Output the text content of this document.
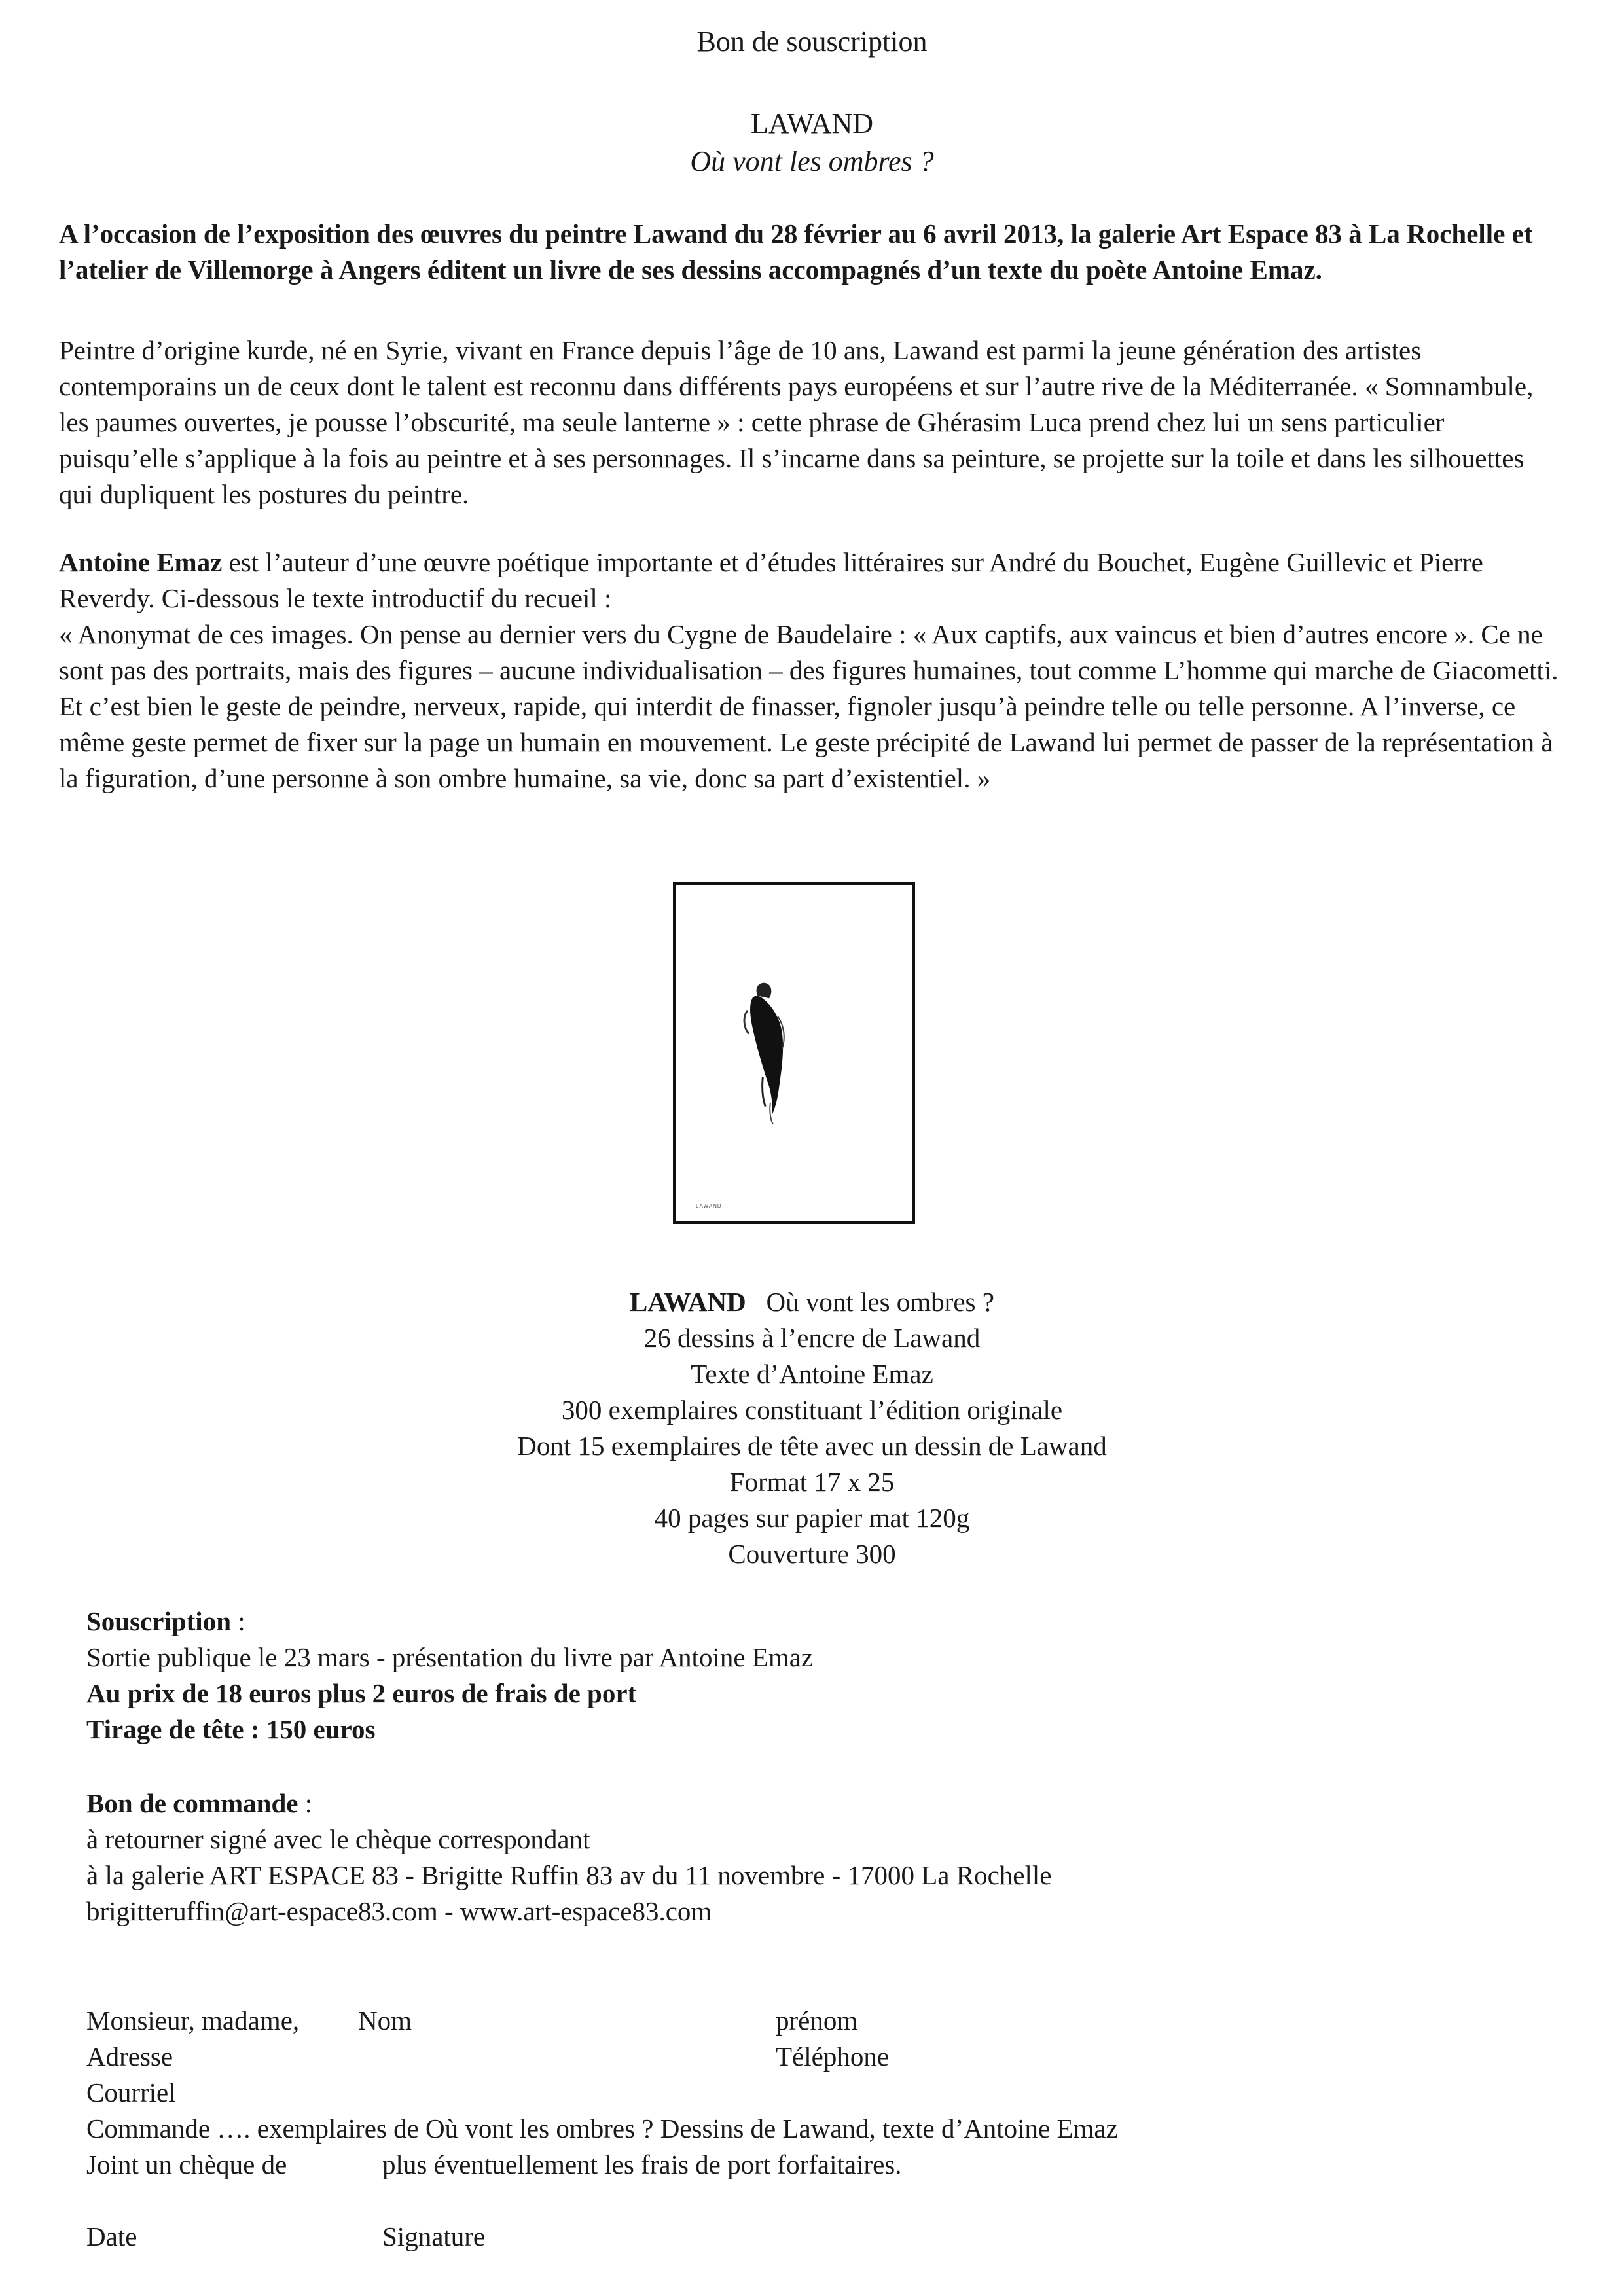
Bon de souscription
LAWAND
Où vont les ombres ?

A l’occasion de l’exposition des œuvres du peintre Lawand du 28 février au 6 avril 2013, la galerie Art Espace 83 à La Rochelle et l’atelier de Villemorge à Angers éditent un livre de ses dessins accompagnés d’un texte du poète Antoine Emaz.

Peintre d’origine kurde, né en Syrie, vivant en France depuis l’âge de 10 ans, Lawand est parmi la jeune génération des artistes contemporains un de ceux dont le talent est reconnu dans différents pays européens et sur l’autre rive de la Méditerranée. « Somnambule, les paumes ouvertes, je pousse l’obscurité, ma seule lanterne » : cette phrase de Ghérasim Luca prend chez lui un sens particulier puisqu’elle s’applique à la fois au peintre et à ses personnages. Il s’incarne dans sa peinture, se projette sur la toile et dans les silhouettes qui dupliquent les postures du peintre.

Antoine Emaz est l’auteur d’une œuvre poétique importante et d’études littéraires sur André du Bouchet, Eugène Guillevic et Pierre Reverdy. Ci-dessous le texte introductif du recueil :

« Anonymat de ces images. On pense au dernier vers du Cygne de Baudelaire : « Aux captifs, aux vaincus et bien d’autres encore ». Ce ne sont pas des portraits, mais des figures – aucune individualisation – des figures humaines, tout comme L’homme qui marche de Giacometti.

Et c’est bien le geste de peindre, nerveux, rapide, qui interdit de finasser, fignoler jusqu’à peindre telle ou telle personne. A l’inverse, ce même geste permet de fixer sur la page un humain en mouvement. Le geste précipité de Lawand lui permet de passer de la représentation à la figuration, d’une personne à son ombre humaine, sa vie, donc sa part d’existentiel. »

LAWAND
LAWAND   Où vont les ombres ?
26 dessins à l’encre de Lawand
Texte d’Antoine Emaz
300 exemplaires constituant l’édition originale
Dont 15 exemplaires de tête avec un dessin de Lawand
Format 17 x 25
40 pages sur papier mat 120g
Couverture 300
Souscription :
Sortie publique le 23 mars - présentation du livre par Antoine Emaz
Au prix de 18 euros plus 2 euros de frais de port
Tirage de tête : 150 euros
Bon de commande :
à retourner signé avec le chèque correspondant
à la galerie ART ESPACE 83 - Brigitte Ruffin 83 av du 11 novembre - 17000 La Rochelle
brigitteruffin@art-espace83.com - www.art-espace83.com
Monsieur, madame, Nom	prénom
Adresse	Téléphone
Courriel
Commande …. exemplaires de Où vont les ombres ? Dessins de Lawand, texte d’Antoine Emaz
Joint un chèque de	plus éventuellement les frais de port forfaitaires.
Date	Signature
